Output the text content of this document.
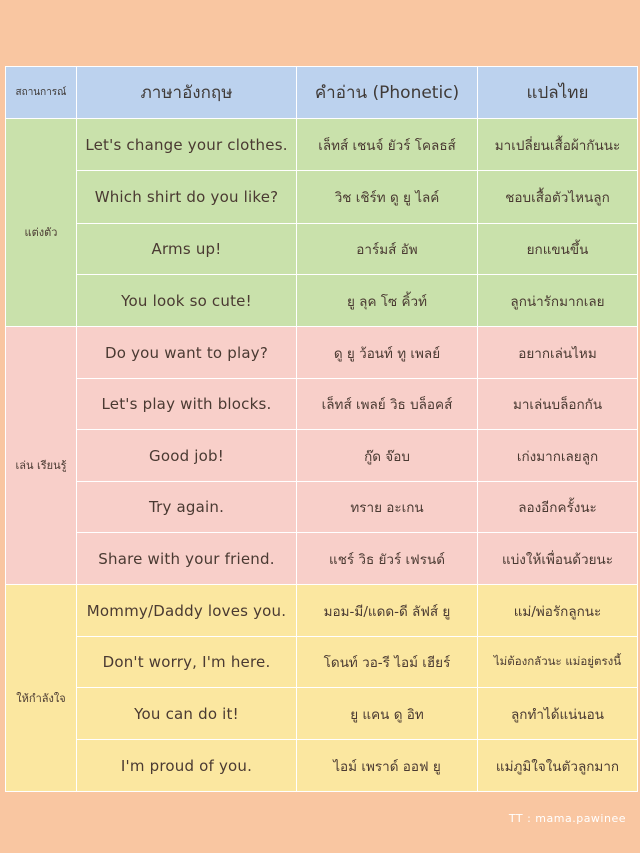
สถานการณ์	ภาษาอังกฤษ	คำอ่าน (Phonetic)	แปลไทย
แต่งตัว	Let's change your clothes.	เล็ทส์ เชนจ์ ยัวร์ โคลธส์	มาเปลี่ยนเสื้อผ้ากันนะ
	Which shirt do you like?	วิช เชิร์ท ดู ยู ไลค์	ชอบเสื้อตัวไหนลูก
	Arms up!	อาร์มส์ อัพ	ยกแขนขึ้น
	You look so cute!	ยู ลุค โซ คิ้วท์	ลูกน่ารักมากเลย
เล่น เรียนรู้	Do you want to play?	ดู ยู ว้อนท์ ทู เพลย์	อยากเล่นไหม
	Let's play with blocks.	เล็ทส์ เพลย์ วิธ บล็อคส์	มาเล่นบล็อกกัน
	Good job!	กู๊ด จ๊อบ	เก่งมากเลยลูก
	Try again.	ทราย อะเกน	ลองอีกครั้งนะ
	Share with your friend.	แชร์ วิธ ยัวร์ เฟรนด์	แบ่งให้เพื่อนด้วยนะ
ให้กำลังใจ	Mommy/Daddy loves you.	มอม-มี/แดด-ดี ลัฟส์ ยู	แม่/พ่อรักลูกนะ
	Don't worry, I'm here.	โดนท์ วอ-รี ไอม์ เฮียร์	ไม่ต้องกลัวนะ แม่อยู่ตรงนี้
	You can do it!	ยู แคน ดู อิท	ลูกทำได้แน่นอน
	I'm proud of you.	ไอม์ เพราด์ ออฟ ยู	แม่ภูมิใจในตัวลูกมาก
TT : mama.pawinee
